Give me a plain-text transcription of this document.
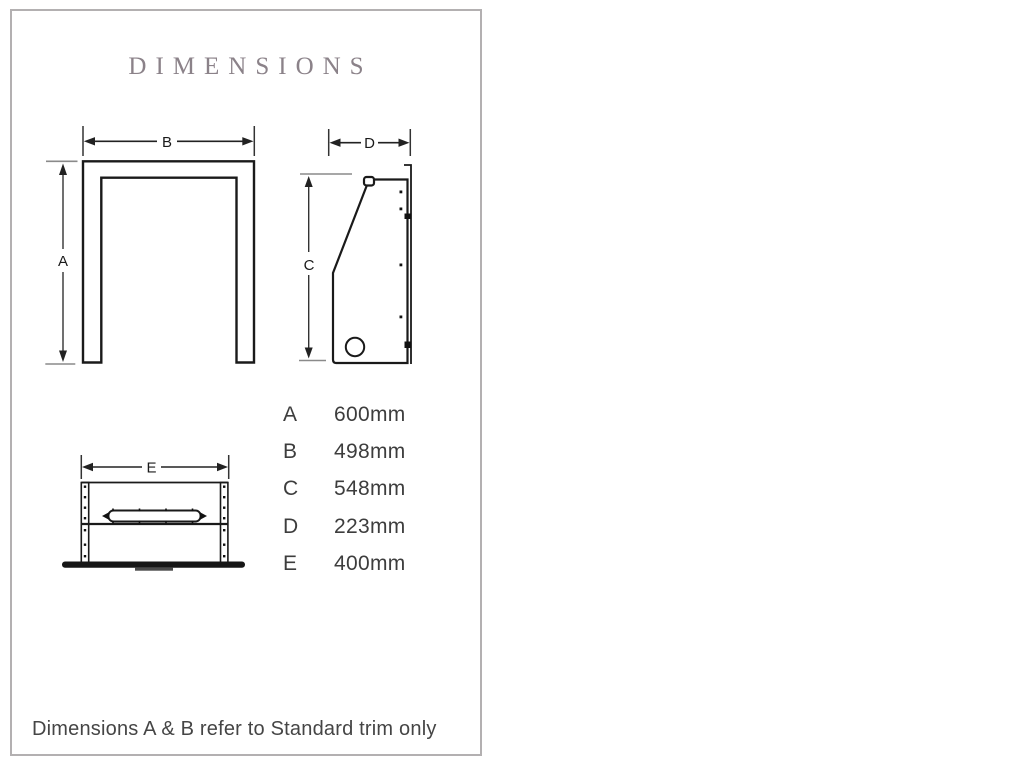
DIMENSIONS
B
A
D
C
E
A	600mm
B	498mm
C	548mm
D	223mm
E	400mm
Dimensions A & B refer to Standard trim only
